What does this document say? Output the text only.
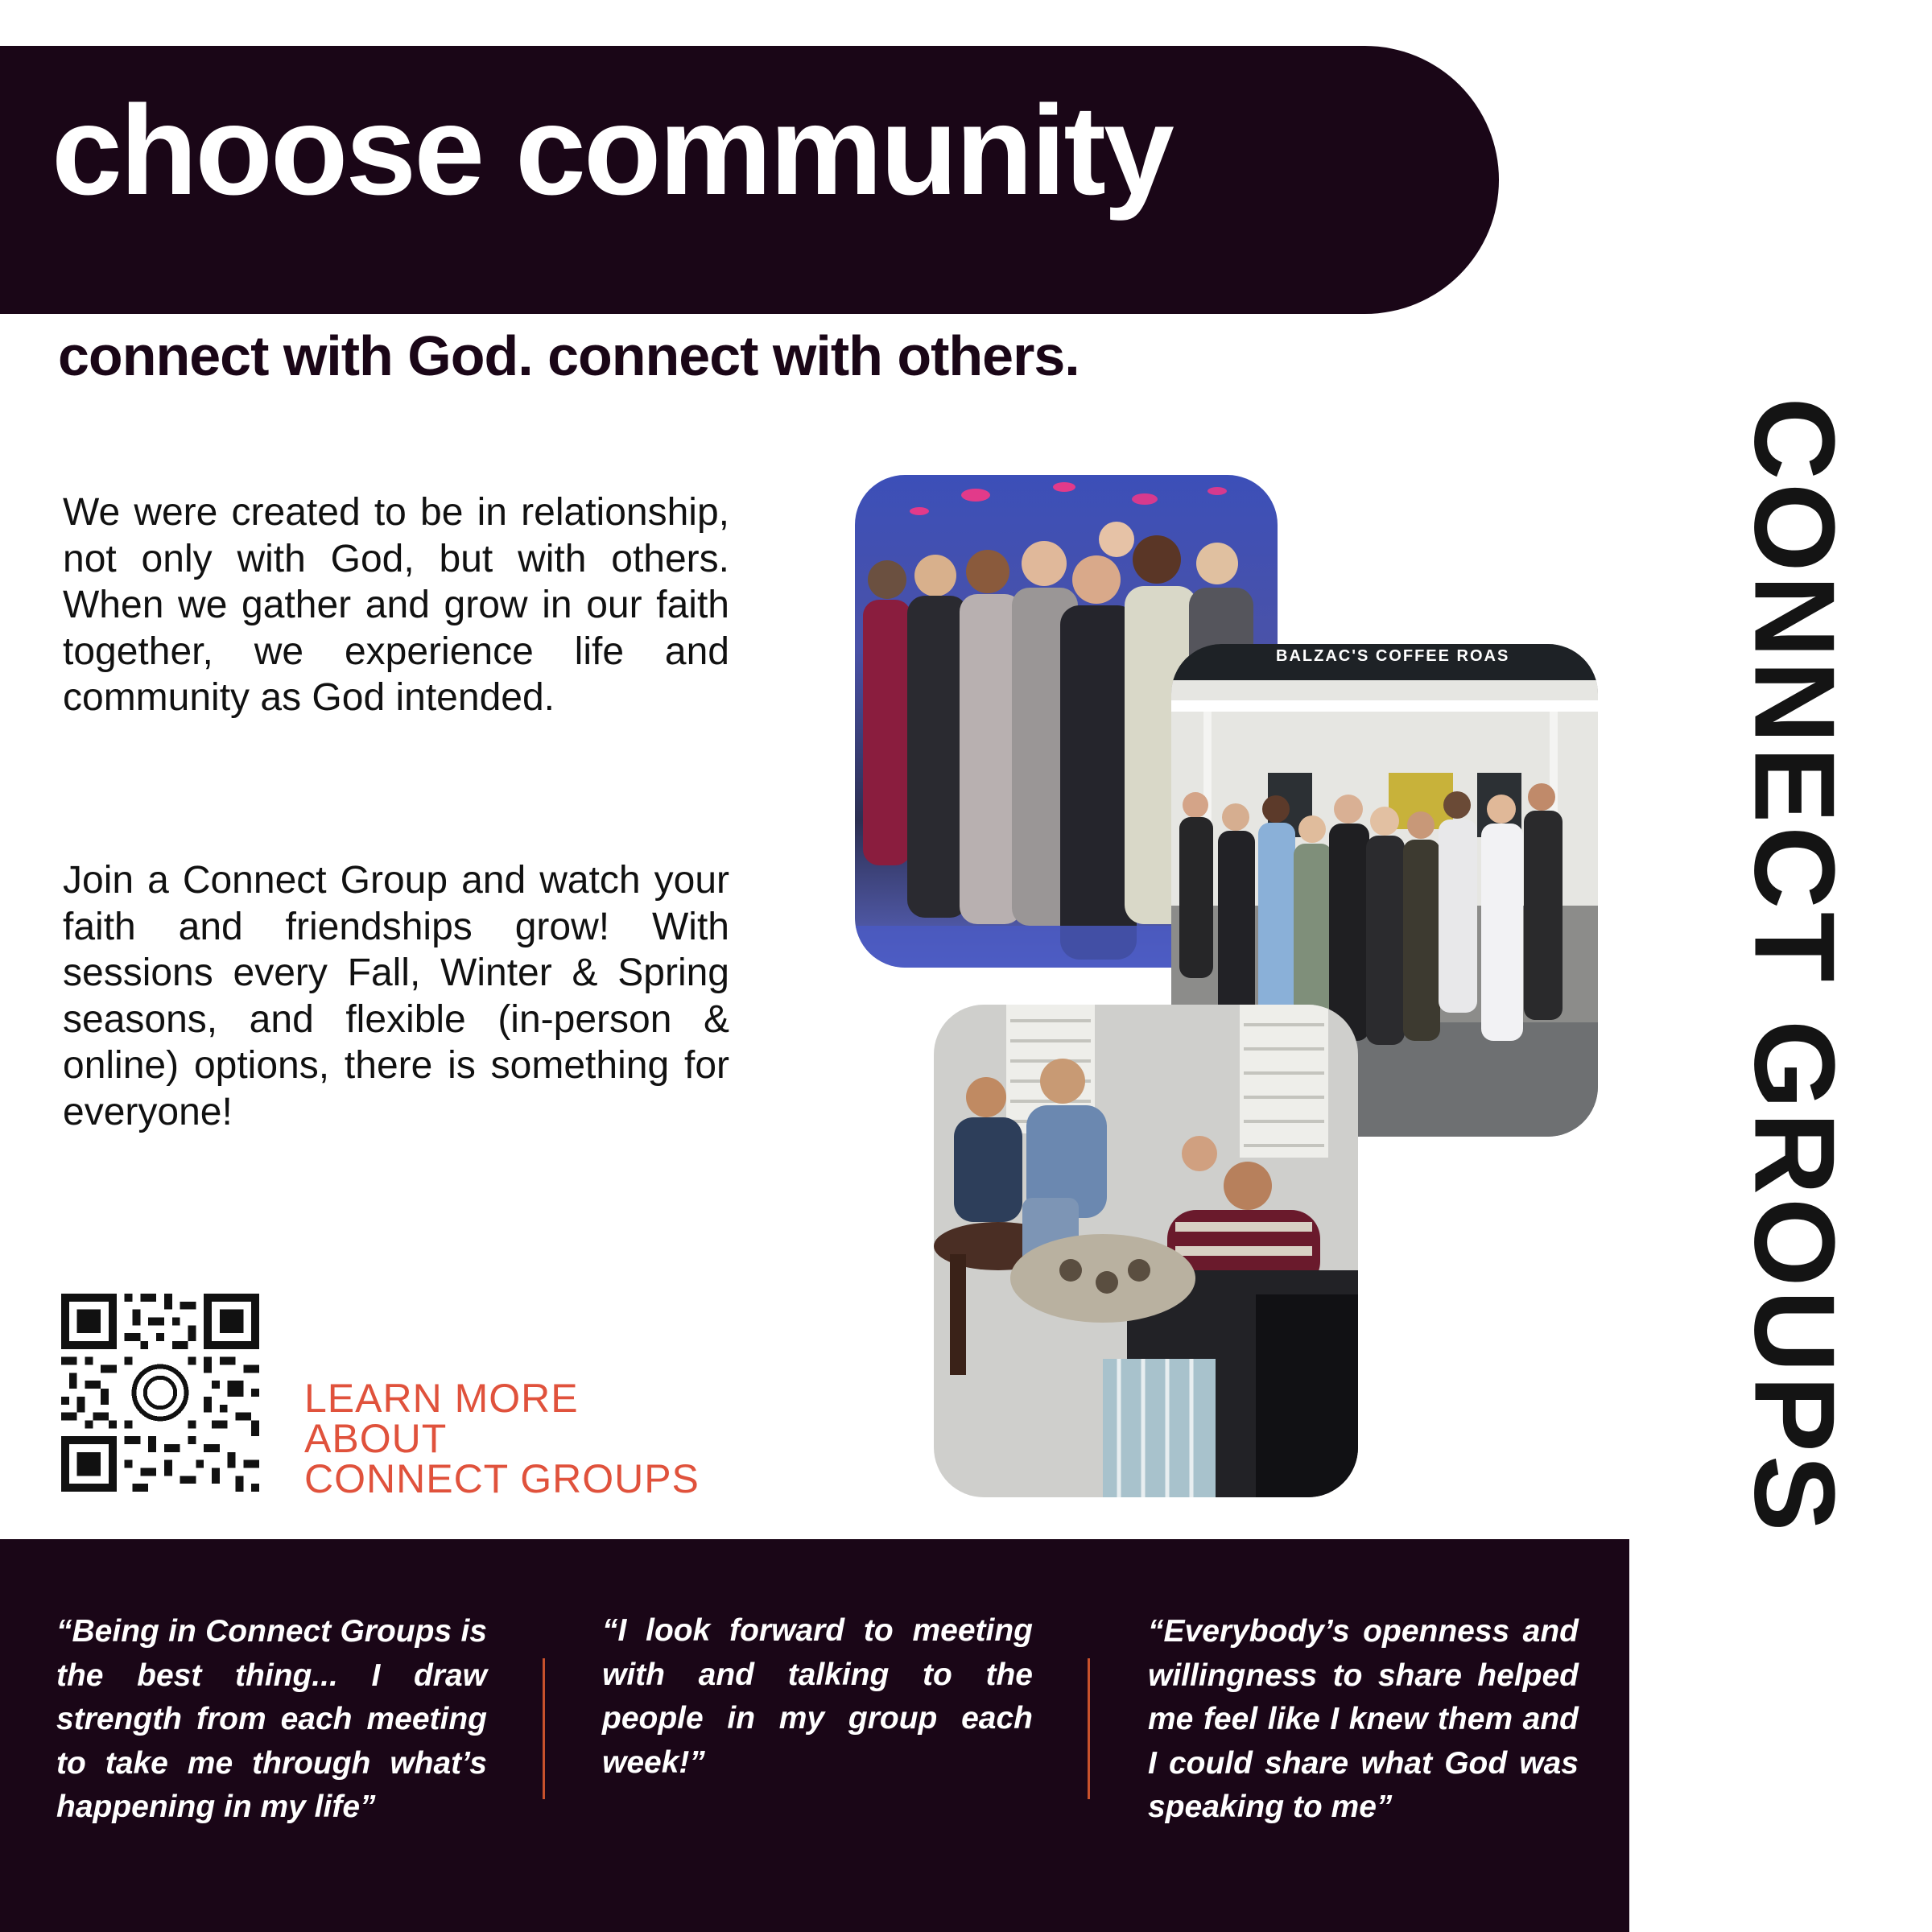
choose community
connect with God. connect with others.

We were created to be in relationship, not only with God, but with others. When we gather and grow in our faith together, we experience life and community as God intended.

Join a Connect Group and watch your faith and friendships grow! With sessions every Fall, Winter & Spring seasons, and flexible (in-person & online) options, there is something for everyone!	CONNECT GROUPS
BALZAC'S COFFEE ROAS
LEARN MORE
ABOUT
CONNECT GROUPS

“Being in Connect Groups is the best thing... I draw strength from each meeting to take me through what’s happening in my life”

“I look forward to meeting with and talking to the people in my group each week!”

“Everybody’s openness and willingness to share helped me feel like I knew them and I could share what God was speaking to me”
